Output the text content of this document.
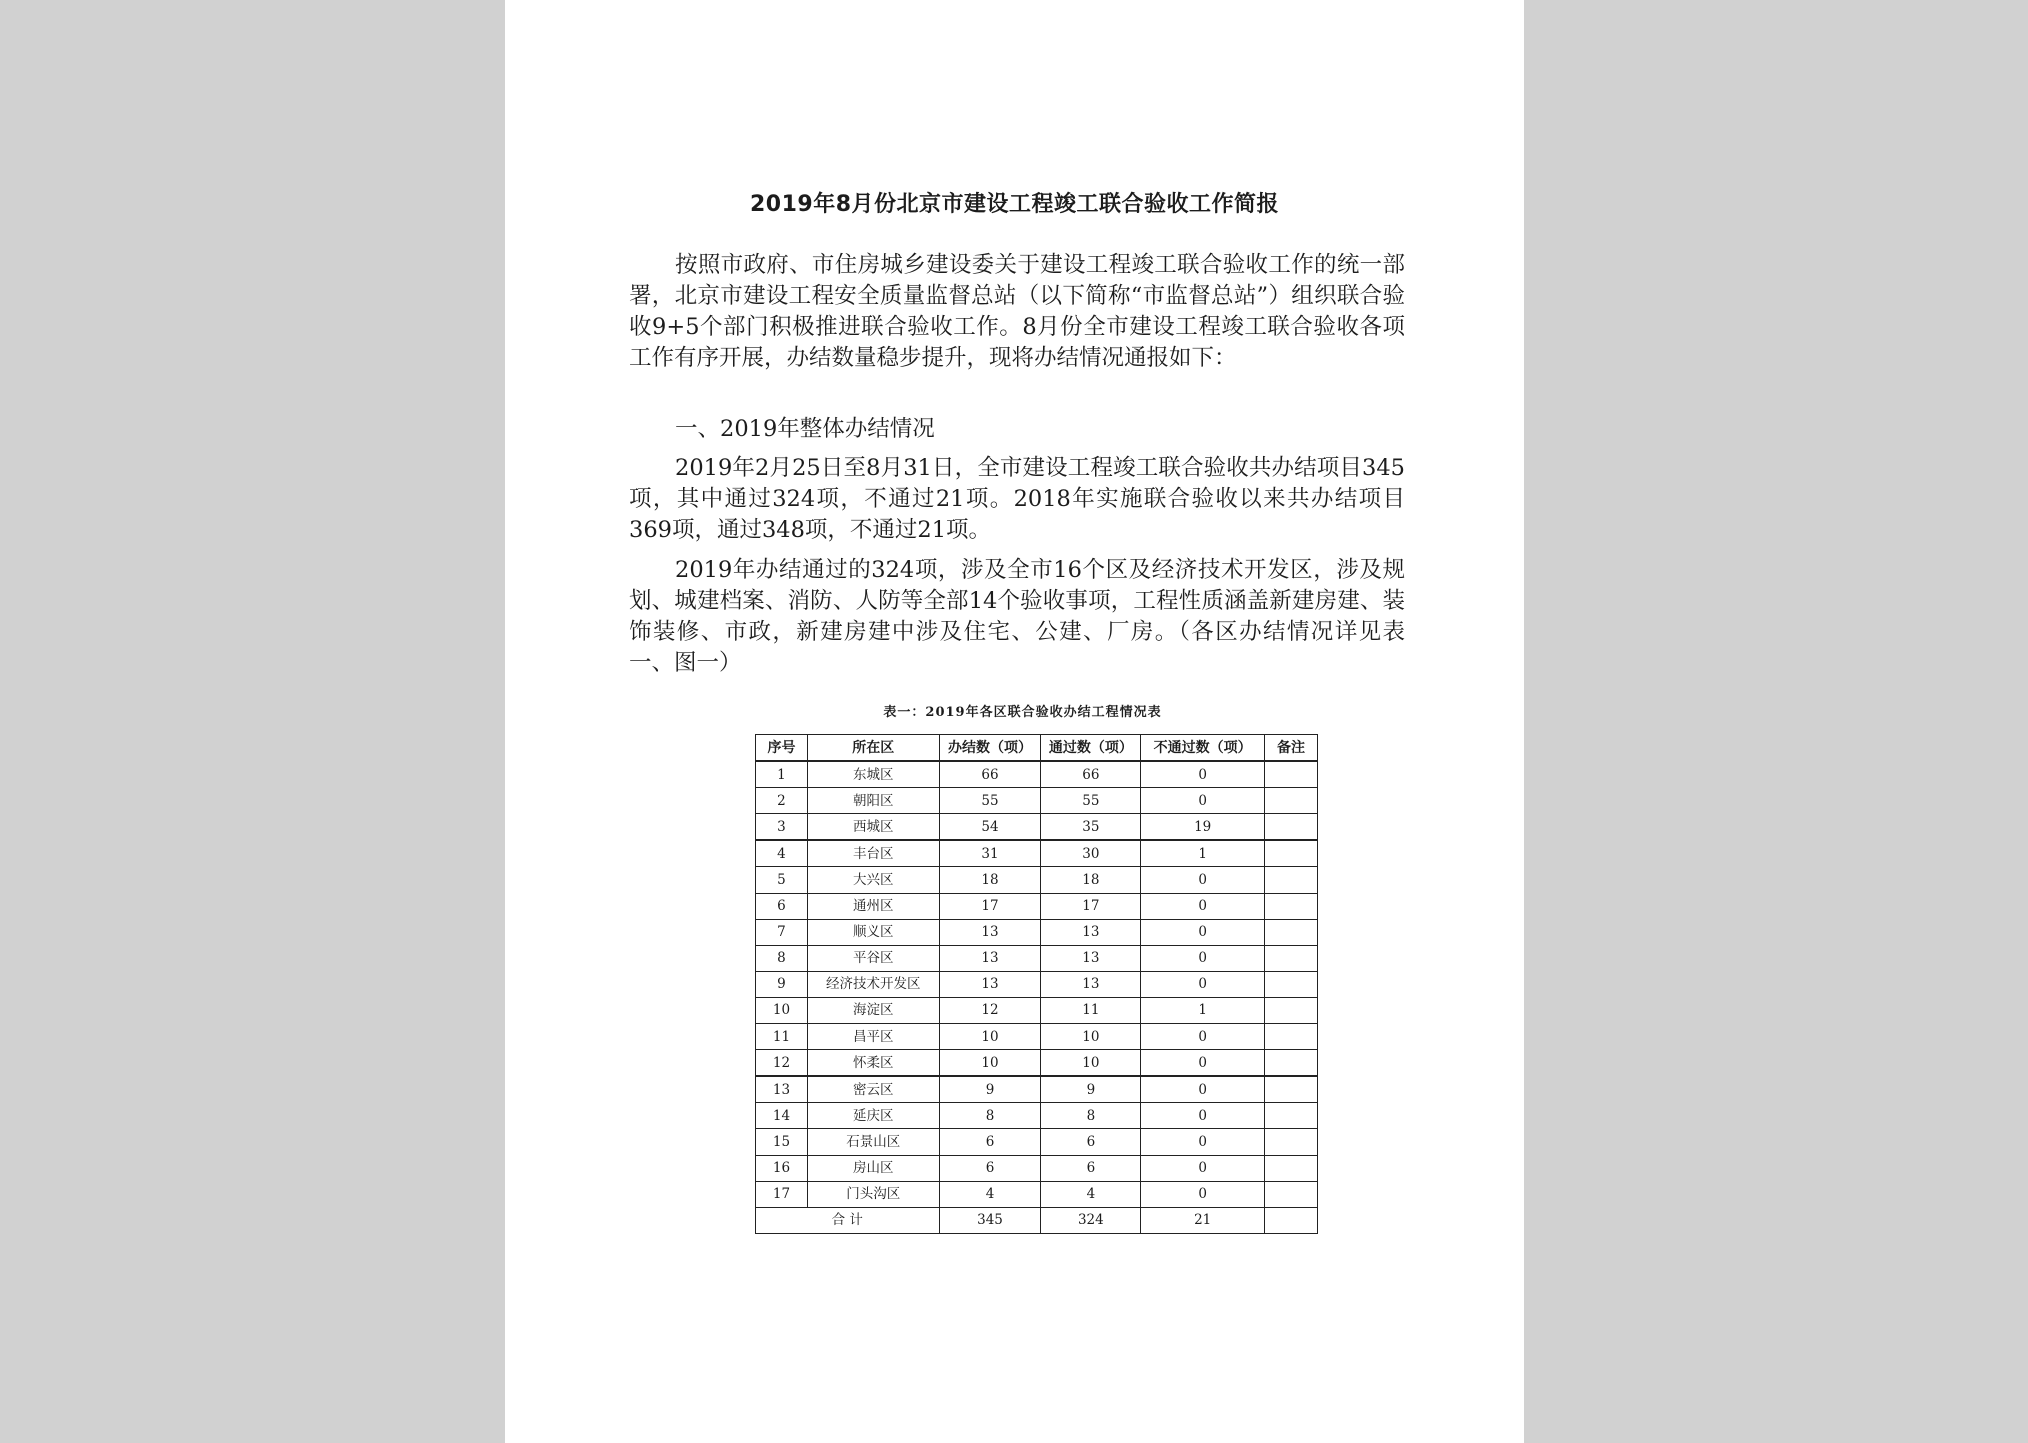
2019年8月份北京市建设工程竣工联合验收工作简报

按照市政府、市住房城乡建设委关于建设工程竣工联合验收工作的统一部署，北京市建设工程安全质量监督总站（以下简称“市监督总站”）组织联合验收9+5个部门积极推进联合验收工作。8月份全市建设工程竣工联合验收各项工作有序开展，办结数量稳步提升，现将办结情况通报如下：

一、2019年整体办结情况

2019年2月25日至8月31日，全市建设工程竣工联合验收共办结项目345项，其中通过324项，不通过21项。2018年实施联合验收以来共办结项目369项，通过348项，不通过21项。

2019年办结通过的324项，涉及全市16个区及经济技术开发区，涉及规划、城建档案、消防、人防等全部14个验收事项，工程性质涵盖新建房建、装饰装修、市政，新建房建中涉及住宅、公建、厂房。（各区办结情况详见表一、图一）

表一：2019年各区联合验收办结工程情况表
序号	所在区	办结数（项）	通过数（项）	不通过数（项）	备注
1	东城区	66	66	0	
2	朝阳区	55	55	0	
3	西城区	54	35	19	
4	丰台区	31	30	1	
5	大兴区	18	18	0	
6	通州区	17	17	0	
7	顺义区	13	13	0	
8	平谷区	13	13	0	
9	经济技术开发区	13	13	0	
10	海淀区	12	11	1	
11	昌平区	10	10	0	
12	怀柔区	10	10	0	
13	密云区	9	9	0	
14	延庆区	8	8	0	
15	石景山区	6	6	0	
16	房山区	6	6	0	
17	门头沟区	4	4	0	
合 计		345	324	21	
